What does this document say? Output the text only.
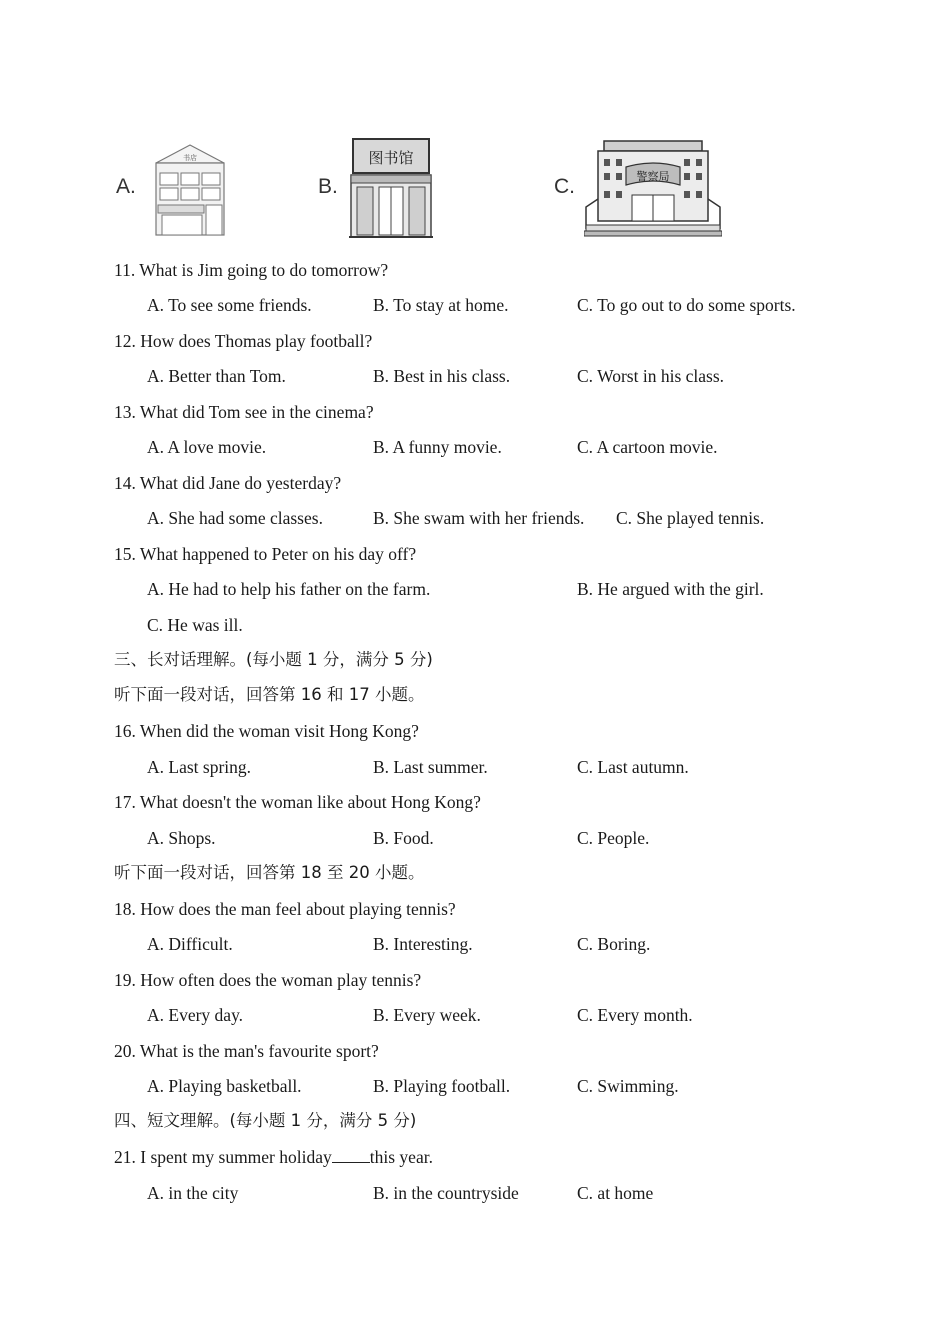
A.
书店
B.
图书馆
C.	警察局
11. What is Jim going to do tomorrow?
A. To see some friends.	B. To stay at home.	C. To go out to do some sports.
12. How does Thomas play football?
A. Better than Tom.	B. Best in his class.	C. Worst in his class.
13. What did Tom see in the cinema?
A. A love movie.	B. A funny movie.	C. A cartoon movie.
14. What did Jane do yesterday?
A. She had some classes.	B. She swam with her friends. C. She played tennis.
15. What happened to Peter on his day off?
A. He had to help his father on the farm.	B. He argued with the girl.
C. He was ill.
三、长对话理解。(每小题 1 分，满分 5 分)
听下面一段对话，回答第 16 和 17 小题。
16. When did the woman visit Hong Kong?
A. Last spring.	B. Last summer.	C. Last autumn.
17. What doesn't the woman like about Hong Kong?
A. Shops.	B. Food.	C. People.
听下面一段对话，回答第 18 至 20 小题。
18. How does the man feel about playing tennis?
A. Difficult.	B. Interesting.	C. Boring.
19. How often does the woman play tennis?
A. Every day.	B. Every week.	C. Every month.
20. What is the man's favourite sport?
A. Playing basketball.	B. Playing football.	C. Swimming.
四、短文理解。(每小题 1 分，满分 5 分)
21. I spent my summer holiday this year.
A. in the city	B. in the countryside	C. at home
